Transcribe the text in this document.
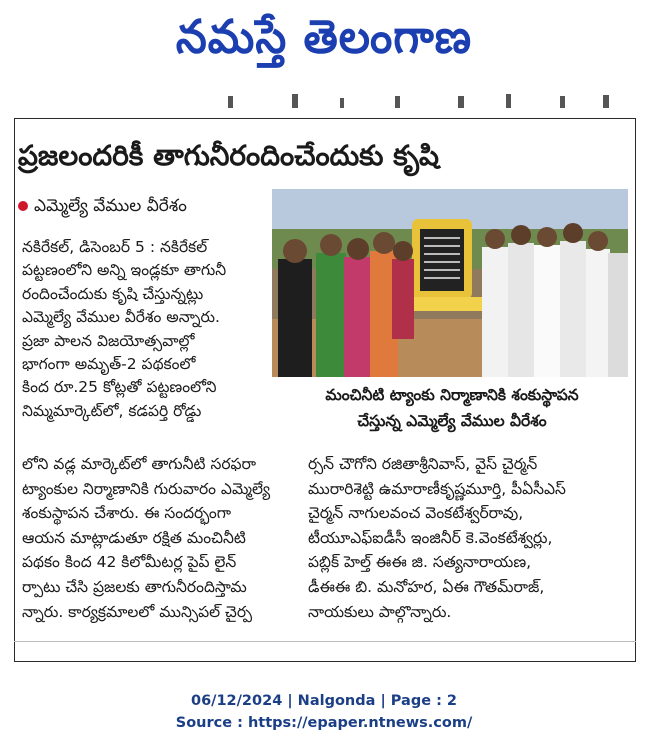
నమస్తే తెలంగాణ
ప్రజలందరికీ తాగునీరందించేందుకు కృషి
ఎమ్మెల్యే వేముల వీరేశం

నకిరేకల్, డిసెంబర్ 5 : నకిరేకల్

పట్టణంలోని అన్ని ఇండ్లకూ తాగునీ

రందించేందుకు కృషి చేస్తున్నట్లు

ఎమ్మెల్యే వేముల వీరేశం అన్నారు.

ప్రజా పాలన విజయోత్సవాల్లో

భాగంగా అమృత్-2 పథకంలో

కింద రూ.25 కోట్లతో పట్టణంలోని

నిమ్మమార్కెట్‌లో, కడపర్తి రోడ్డు

మంచినీటి ట్యాంకు నిర్మాణానికి శంకుస్థాపన

చేస్తున్న ఎమ్మెల్యే వేముల వీరేశం

లోని వడ్ల మార్కెట్‌లో తాగునీటి సరఫరా

ట్యాంకుల నిర్మాణానికి గురువారం ఎమ్మెల్యే

శంకుస్థాపన చేశారు. ఈ సందర్భంగా

ఆయన మాట్లాడుతూ రక్షిత మంచినీటి

పథకం కింద 42 కిలోమీటర్ల పైప్ లైన్

ర్పాటు చేసి ప్రజలకు తాగునీరందిస్తామ

న్నారు. కార్యక్రమాలలో మున్సిపల్ చైర్ప

ర్సన్ చౌగోని రజితాశ్రీనివాస్, వైస్ చైర్మన్

మురారిశెట్టి ఉమారాణీకృష్ణమూర్తి, పీఏసీఎస్

చైర్మన్ నాగులవంచ వెంకటేశ్వర్‌రావు,

టీయూఎఫ్‌ఐడీసీ ఇంజినీర్ కె.వెంకటేశ్వర్లు,

పబ్లిక్ హెల్త్ ఈఈ జి. సత్యనారాయణ,

డీఈఈ బి. మనోహర, ఏఈ గౌతమ్‌రాజ్,

నాయకులు పాల్గొన్నారు.

06/12/2024 | Nalgonda | Page : 2
Source : https://epaper.ntnews.com/
